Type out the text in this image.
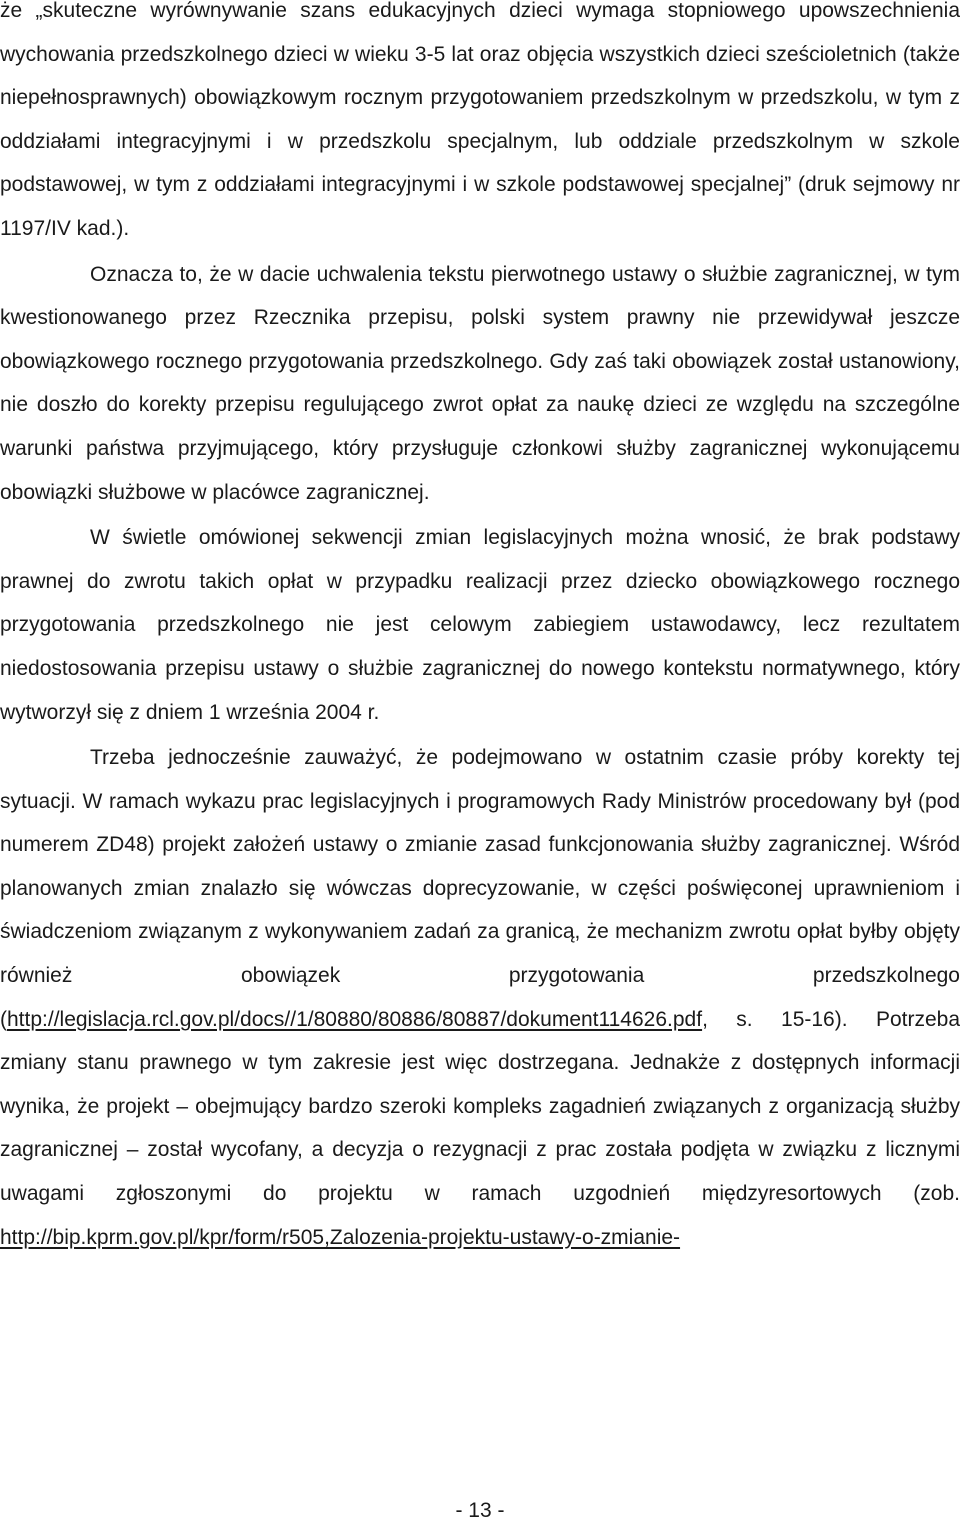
że „skuteczne wyrównywanie szans edukacyjnych dzieci wymaga stopniowego upowszechnienia wychowania przedszkolnego dzieci w wieku 3-5 lat oraz objęcia wszystkich dzieci sześcioletnich (także niepełnosprawnych) obowiązkowym rocznym przygotowaniem przedszkolnym w przedszkolu, w tym z oddziałami integracyjnymi i w przedszkolu specjalnym, lub oddziale przedszkolnym w szkole podstawowej, w tym z oddziałami integracyjnymi i w szkole podstawowej specjalnej” (druk sejmowy nr 1197/IV kad.).

Oznacza to, że w dacie uchwalenia tekstu pierwotnego ustawy o służbie zagranicznej, w tym kwestionowanego przez Rzecznika przepisu, polski system prawny nie przewidywał jeszcze obowiązkowego rocznego przygotowania przedszkolnego. Gdy zaś taki obowiązek został ustanowiony, nie doszło do korekty przepisu regulującego zwrot opłat za naukę dzieci ze względu na szczególne warunki państwa przyjmującego, który przysługuje członkowi służby zagranicznej wykonującemu obowiązki służbowe w placówce zagranicznej.

W świetle omówionej sekwencji zmian legislacyjnych można wnosić, że brak podstawy prawnej do zwrotu takich opłat w przypadku realizacji przez dziecko obowiązkowego rocznego przygotowania przedszkolnego nie jest celowym zabiegiem ustawodawcy, lecz rezultatem niedostosowania przepisu ustawy o służbie zagranicznej do nowego kontekstu normatywnego, który wytworzył się z dniem 1 września 2004 r.

Trzeba jednocześnie zauważyć, że podejmowano w ostatnim czasie próby korekty tej sytuacji. W ramach wykazu prac legislacyjnych i programowych Rady Ministrów procedowany był (pod numerem ZD48) projekt założeń ustawy o zmianie zasad funkcjonowania służby zagranicznej. Wśród planowanych zmian znalazło się wówczas doprecyzowanie, w części poświęconej uprawnieniom i świadczeniom związanym z wykonywaniem zadań za granicą, że mechanizm zwrotu opłat byłby objęty również obowiązek przygotowania przedszkolnego (http://legislacja.rcl.gov.pl/docs//1/80880/80886/80887/dokument114626.pdf, s. 15-16). Potrzeba zmiany stanu prawnego w tym zakresie jest więc dostrzegana. Jednakże z dostępnych informacji wynika, że projekt – obejmujący bardzo szeroki kompleks zagadnień związanych z organizacją służby zagranicznej – został wycofany, a decyzja o rezygnacji z prac została podjęta w związku z licznymi uwagami zgłoszonymi do projektu w ramach uzgodnień międzyresortowych (zob. http://bip.kprm.gov.pl/kpr/form/r505,Zalozenia-projektu-ustawy-o-zmianie-

- 13 -
